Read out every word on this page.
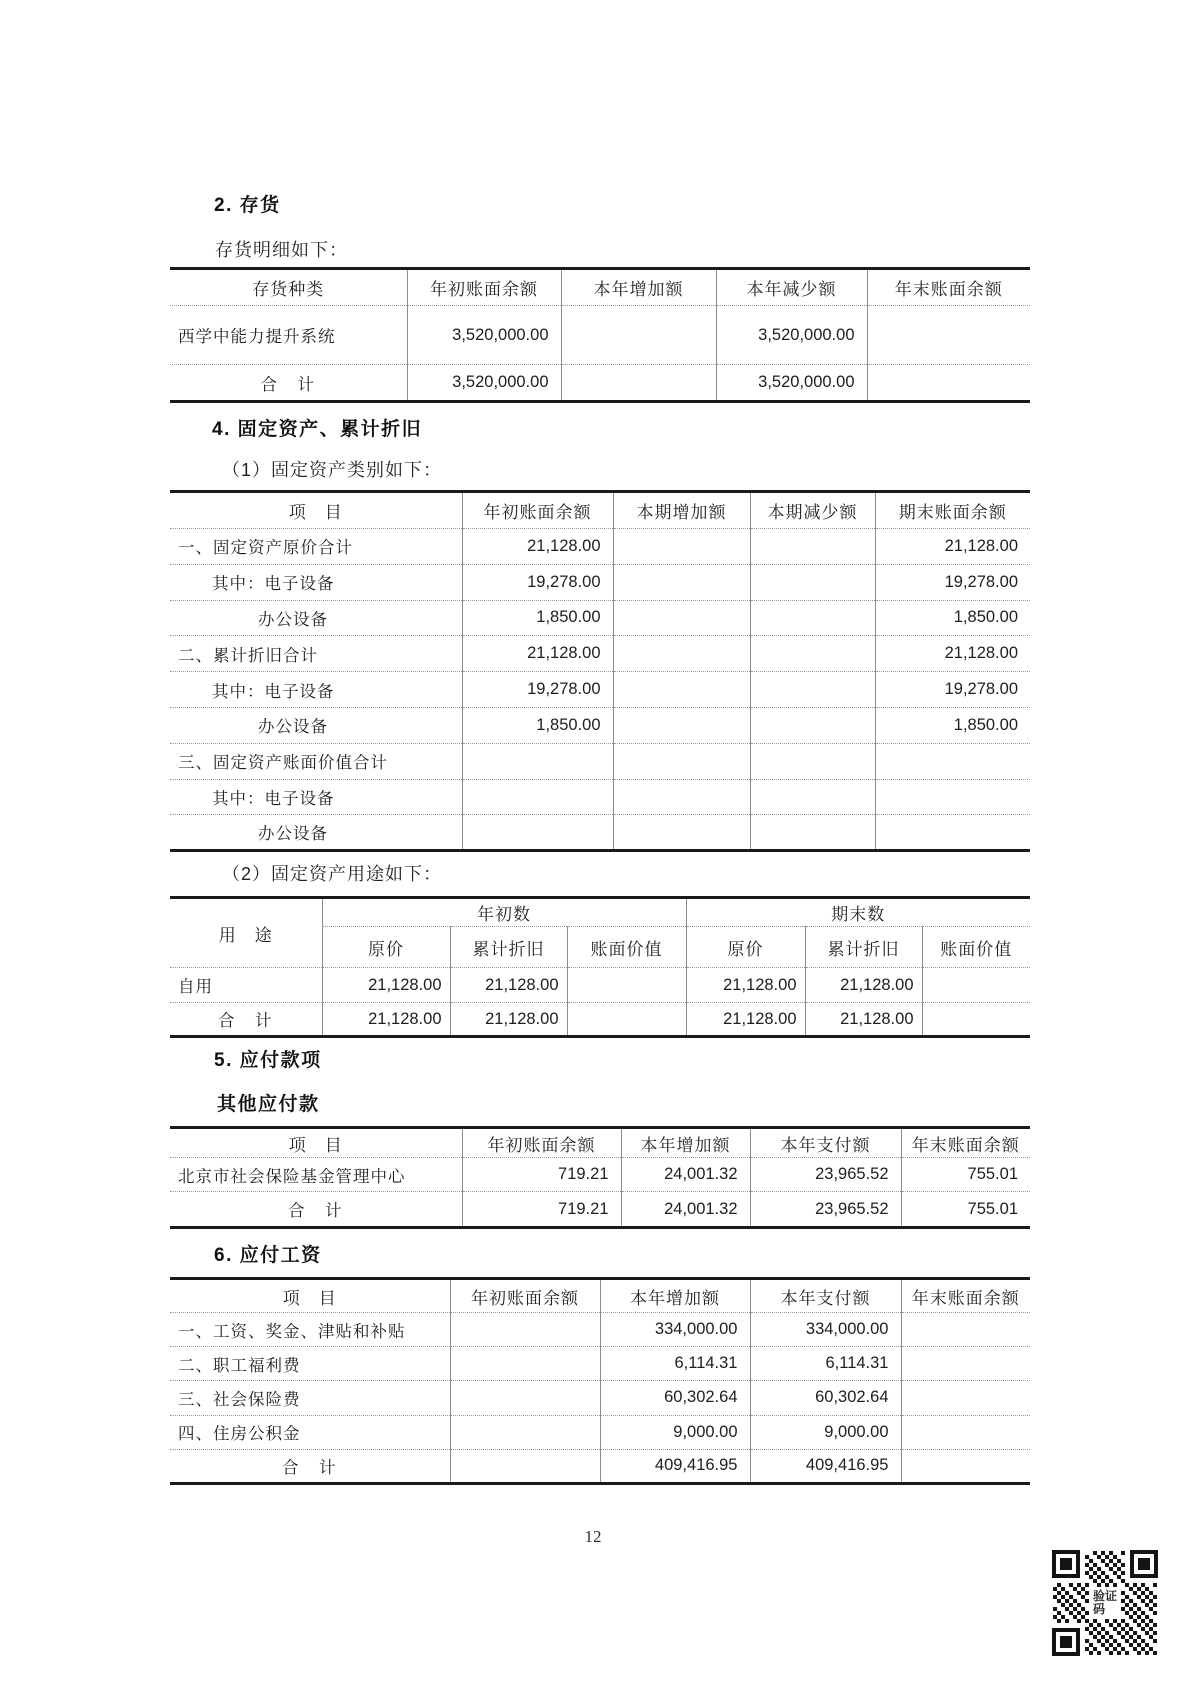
2. 存货
存货明细如下：
存货种类	年初账面余额	本年增加额	本年减少额	年末账面余额
西学中能力提升系统	3,520,000.00		3,520,000.00	
合　计	3,520,000.00		3,520,000.00	
4. 固定资产、累计折旧
（1）固定资产类别如下：
项　目	年初账面余额	本期增加额	本期减少额	期末账面余额
一、固定资产原价合计	21,128.00			21,128.00
其中：电子设备	19,278.00			19,278.00
办公设备	1,850.00			1,850.00
二、累计折旧合计	21,128.00			21,128.00
其中：电子设备	19,278.00			19,278.00
办公设备	1,850.00			1,850.00
三、固定资产账面价值合计				
其中：电子设备				
办公设备				
（2）固定资产用途如下：
用　途	年初数			期末数		
	原价	累计折旧	账面价值	原价	累计折旧	账面价值
自用	21,128.00	21,128.00		21,128.00	21,128.00	
合　计	21,128.00	21,128.00		21,128.00	21,128.00	
5. 应付款项
其他应付款
项　目	年初账面余额	本年增加额	本年支付额	年末账面余额
北京市社会保险基金管理中心	719.21	24,001.32	23,965.52	755.01
合　计	719.21	24,001.32	23,965.52	755.01
6. 应付工资
项　目	年初账面余额	本年增加额	本年支付额	年末账面余额
一、工资、奖金、津贴和补贴		334,000.00	334,000.00	
二、职工福利费		6,114.31	6,114.31	
三、社会保险费		60,302.64	60,302.64	
四、住房公积金		9,000.00	9,000.00	
合　计		409,416.95	409,416.95	
12
验证
码
